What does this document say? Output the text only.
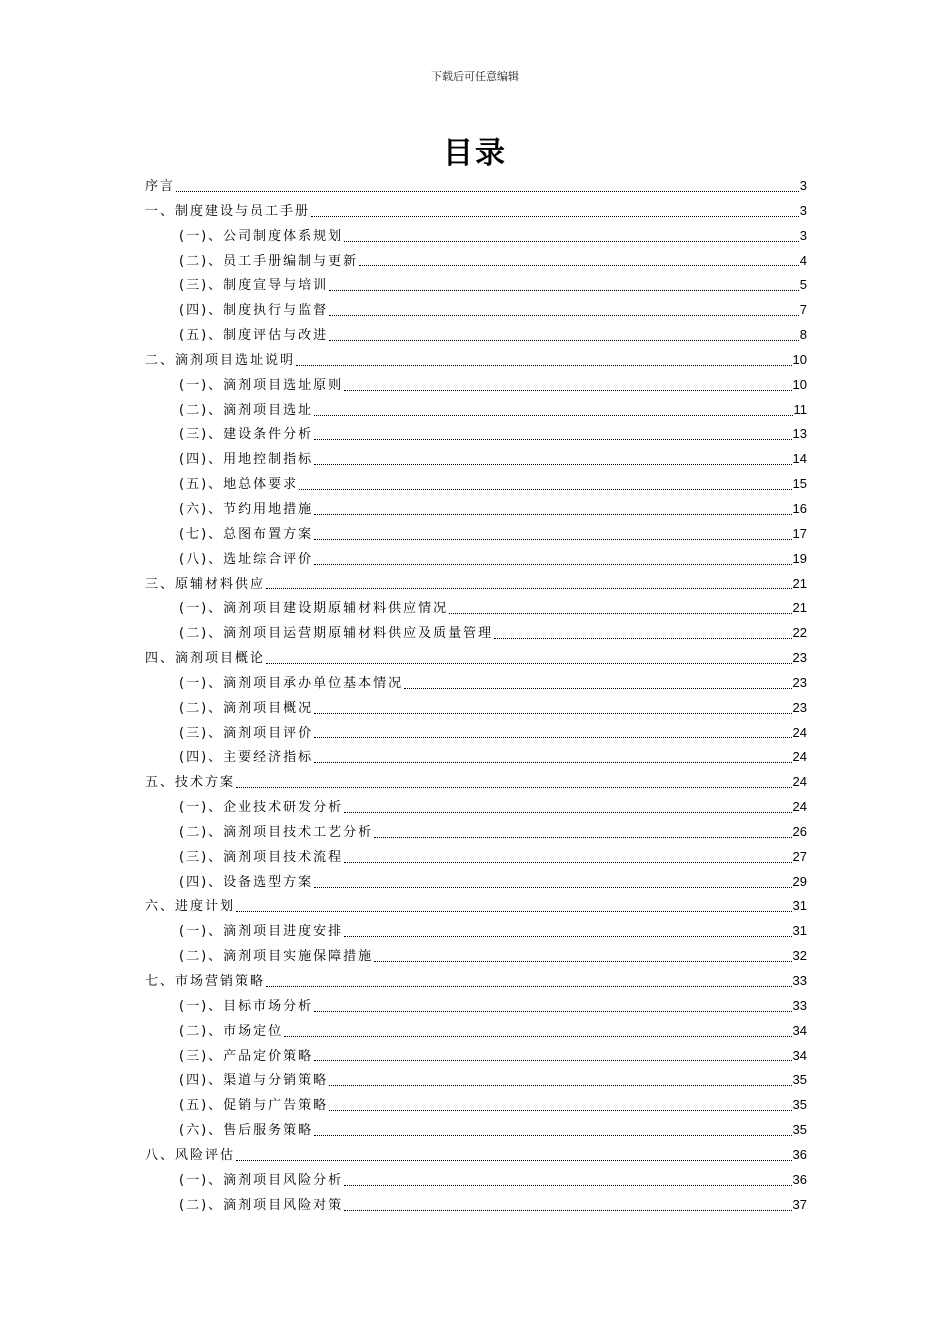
下载后可任意编辑
目录
序言	3
一、制度建设与员工手册	3
(一)、公司制度体系规划	3
(二)、员工手册编制与更新	4
(三)、制度宣导与培训	5
(四)、制度执行与监督	7
(五)、制度评估与改进	8
二、滴剂项目选址说明	10
(一)、滴剂项目选址原则	10
(二)、滴剂项目选址	11
(三)、建设条件分析	13
(四)、用地控制指标	14
(五)、地总体要求	15
(六)、节约用地措施	16
(七)、总图布置方案	17
(八)、选址综合评价	19
三、原辅材料供应	21
(一)、滴剂项目建设期原辅材料供应情况	21
(二)、滴剂项目运营期原辅材料供应及质量管理	22
四、滴剂项目概论	23
(一)、滴剂项目承办单位基本情况	23
(二)、滴剂项目概况	23
(三)、滴剂项目评价	24
(四)、主要经济指标	24
五、技术方案	24
(一)、企业技术研发分析	24
(二)、滴剂项目技术工艺分析	26
(三)、滴剂项目技术流程	27
(四)、设备选型方案	29
六、进度计划	31
(一)、滴剂项目进度安排	31
(二)、滴剂项目实施保障措施	32
七、市场营销策略	33
(一)、目标市场分析	33
(二)、市场定位	34
(三)、产品定价策略	34
(四)、渠道与分销策略	35
(五)、促销与广告策略	35
(六)、售后服务策略	35
八、风险评估	36
(一)、滴剂项目风险分析	36
(二)、滴剂项目风险对策	37
